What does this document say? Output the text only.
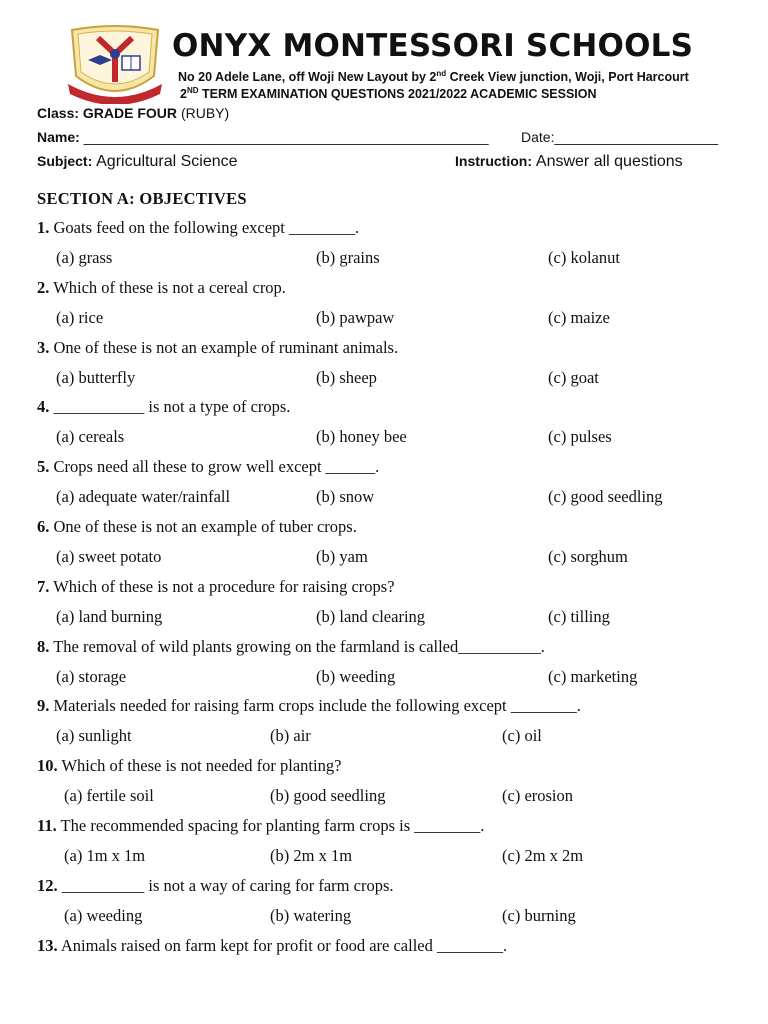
ONYX MONTESSORI SCHOOLS
No 20 Adele Lane, off Woji New Layout by 2nd Creek View junction, Woji, Port Harcourt
2ND TERM EXAMINATION QUESTIONS 2021/2022 ACADEMIC SESSION
Class: GRADE FOUR (RUBY)
Name: ____________________________________________________ Date:_____________________
Subject: Agricultural Science	Instruction: Answer all questions
SECTION A: OBJECTIVES
1. Goats feed on the following except ________.
(a) grass	(b) grains	(c) kolanut
2. Which of these is not a cereal crop.
(a) rice	(b) pawpaw	(c) maize
3. One of these is not an example of ruminant animals.
(a) butterfly	(b) sheep	(c) goat
4. ___________ is not a type of crops.
(a) cereals	(b) honey bee	(c) pulses
5. Crops need all these to grow well except ______.
(a) adequate water/rainfall	(b) snow	(c) good seedling
6. One of these is not an example of tuber crops.
(a) sweet potato	(b) yam	(c) sorghum
7. Which of these is not a procedure for raising crops?
(a) land burning	(b) land clearing	(c) tilling
8. The removal of wild plants growing on the farmland is called__________.
(a) storage	(b) weeding	(c) marketing
9. Materials needed for raising farm crops include the following except ________.
(a) sunlight	(b) air	(c) oil
10. Which of these is not needed for planting?
(a) fertile soil	(b) good seedling	(c) erosion
11. The recommended spacing for planting farm crops is ________.
(a) 1m x 1m	(b) 2m x 1m	(c) 2m x 2m
12. __________ is not a way of caring for farm crops.
(a) weeding	(b) watering	(c) burning
13. Animals raised on farm kept for profit or food are called ________.
